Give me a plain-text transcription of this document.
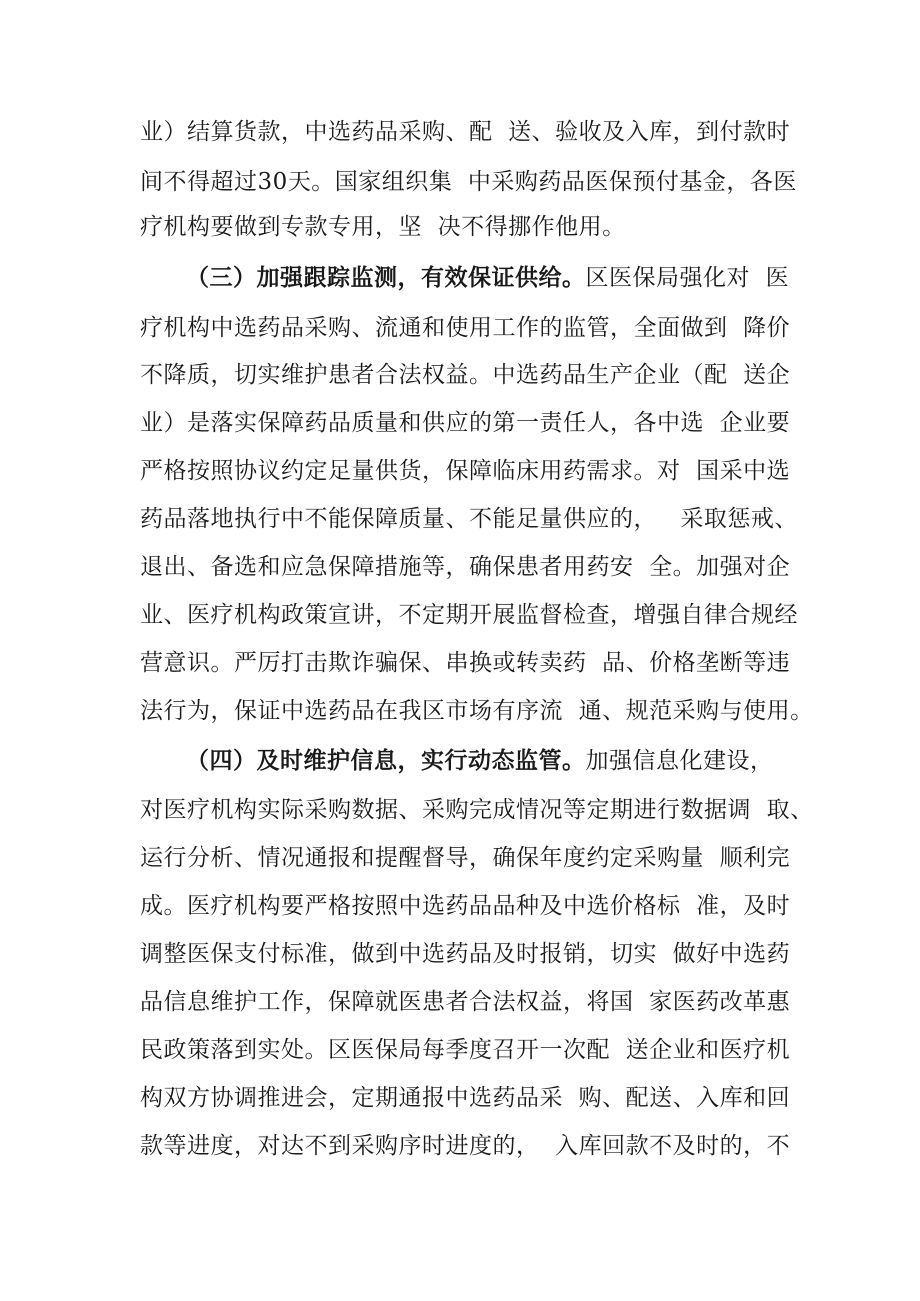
业）结算货款，中选药品采购、配  送、验收及入库，到付款时
间不得超过30天。国家组织集  中采购药品医保预付基金，各医
疗机构要做到专款专用，坚  决不得挪作他用。
（三）加强跟踪监测，有效保证供给。区医保局强化对  医
疗机构中选药品采购、流通和使用工作的监管，全面做到  降价
不降质，切实维护患者合法权益。中选药品生产企业（配  送企
业）是落实保障药品质量和供应的第一责任人，各中选  企业要
严格按照协议约定足量供货，保障临床用药需求。对  国采中选
药品落地执行中不能保障质量、不能足量供应的，   采取惩戒、
退出、备选和应急保障措施等，确保患者用药安  全。加强对企
业、医疗机构政策宣讲，不定期开展监督检查，增强自律合规经
营意识。严厉打击欺诈骗保、串换或转卖药  品、价格垄断等违
法行为，保证中选药品在我区市场有序流  通、规范采购与使用。
（四）及时维护信息，实行动态监管。加强信息化建设，
对医疗机构实际采购数据、采购完成情况等定期进行数据调  取、
运行分析、情况通报和提醒督导，确保年度约定采购量  顺利完
成。医疗机构要严格按照中选药品品种及中选价格标  准，及时
调整医保支付标准，做到中选药品及时报销，切实  做好中选药
品信息维护工作，保障就医患者合法权益，将国  家医药改革惠
民政策落到实处。区医保局每季度召开一次配  送企业和医疗机
构双方协调推进会，定期通报中选药品采  购、配送、入库和回
款等进度，对达不到采购序时进度的，  入库回款不及时的，不
